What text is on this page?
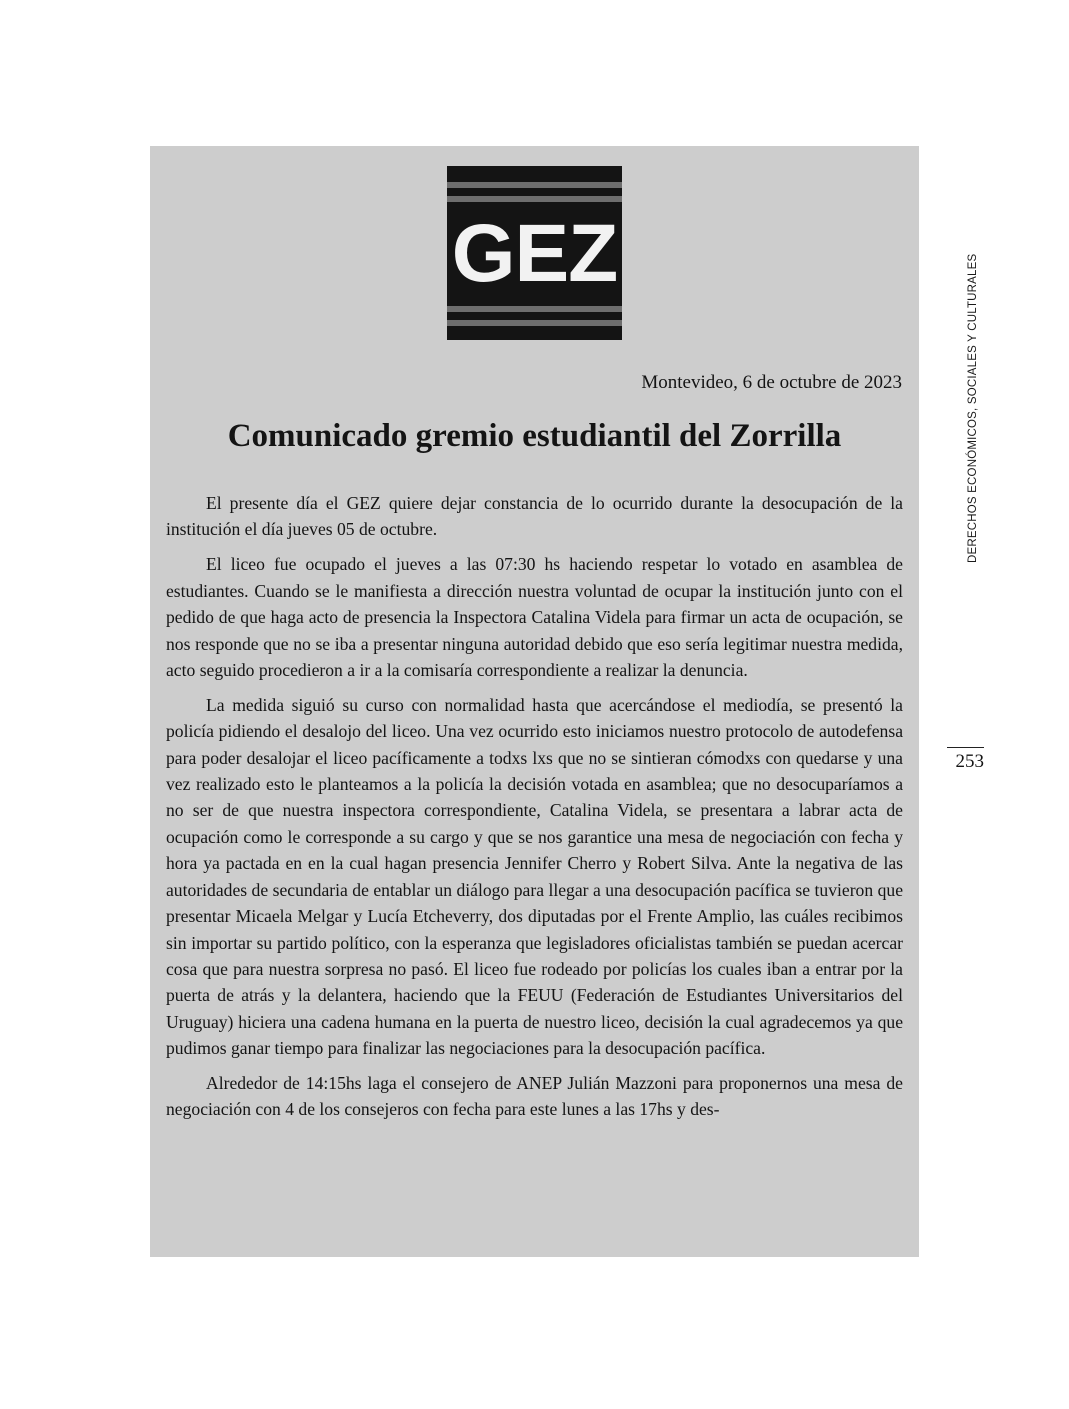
GEZ
Montevideo, 6 de octubre de 2023
Comunicado gremio estudiantil del Zorrilla

El presente día el GEZ quiere dejar constancia de lo ocurrido durante la desocupación de la institución el día jueves 05 de octubre.

El liceo fue ocupado el jueves a las 07:30 hs haciendo respetar lo votado en asamblea de estudiantes. Cuando se le manifiesta a dirección nuestra voluntad de ocupar la institución junto con el pedido de que haga acto de presencia la Inspectora Catalina Videla para firmar un acta de ocupación, se nos responde que no se iba a presentar ninguna autoridad debido que eso sería legitimar nuestra medida, acto seguido procedieron a ir a la comisaría correspondiente a realizar la denuncia.

La medida siguió su curso con normalidad hasta que acercándose el mediodía, se presentó la policía pidiendo el desalojo del liceo. Una vez ocurrido esto iniciamos nuestro protocolo de autodefensa para poder desalojar el liceo pacíficamente a todxs lxs que no se sintieran cómodxs con quedarse y una vez realizado esto le planteamos a la policía la decisión votada en asamblea; que no desocuparíamos a no ser de que nuestra inspectora correspondiente, Catalina Videla, se presentara a labrar acta de ocupación como le corresponde a su cargo y que se nos garantice una mesa de negociación con fecha y hora ya pactada en en la cual hagan presencia Jennifer Cherro y Robert Silva. Ante la negativa de las autoridades de secundaria de entablar un diálogo para llegar a una desocupación pacífica se tuvieron que presentar Micaela Melgar y Lucía Etcheverry, dos diputadas por el Frente Amplio, las cuáles recibimos sin importar su partido político, con la esperanza que legisladores oficialistas también se puedan acercar cosa que para nuestra sorpresa no pasó. El liceo fue rodeado por policías los cuales iban a entrar por la puerta de atrás y la delantera, haciendo que la FEUU (Federación de Estudiantes Universitarios del Uruguay) hiciera una cadena humana en la puerta de nuestro liceo, decisión la cual agradecemos ya que pudimos ganar tiempo para finalizar las negociaciones para la desocupación pacífica.

Alrededor de 14:15hs laga el consejero de ANEP Julián Mazzoni para proponernos una mesa de negociación con 4 de los consejeros con fecha para este lunes a las 17hs y des-

DERECHOS ECONÓMICOS, SOCIALES Y CULTURALES
253
